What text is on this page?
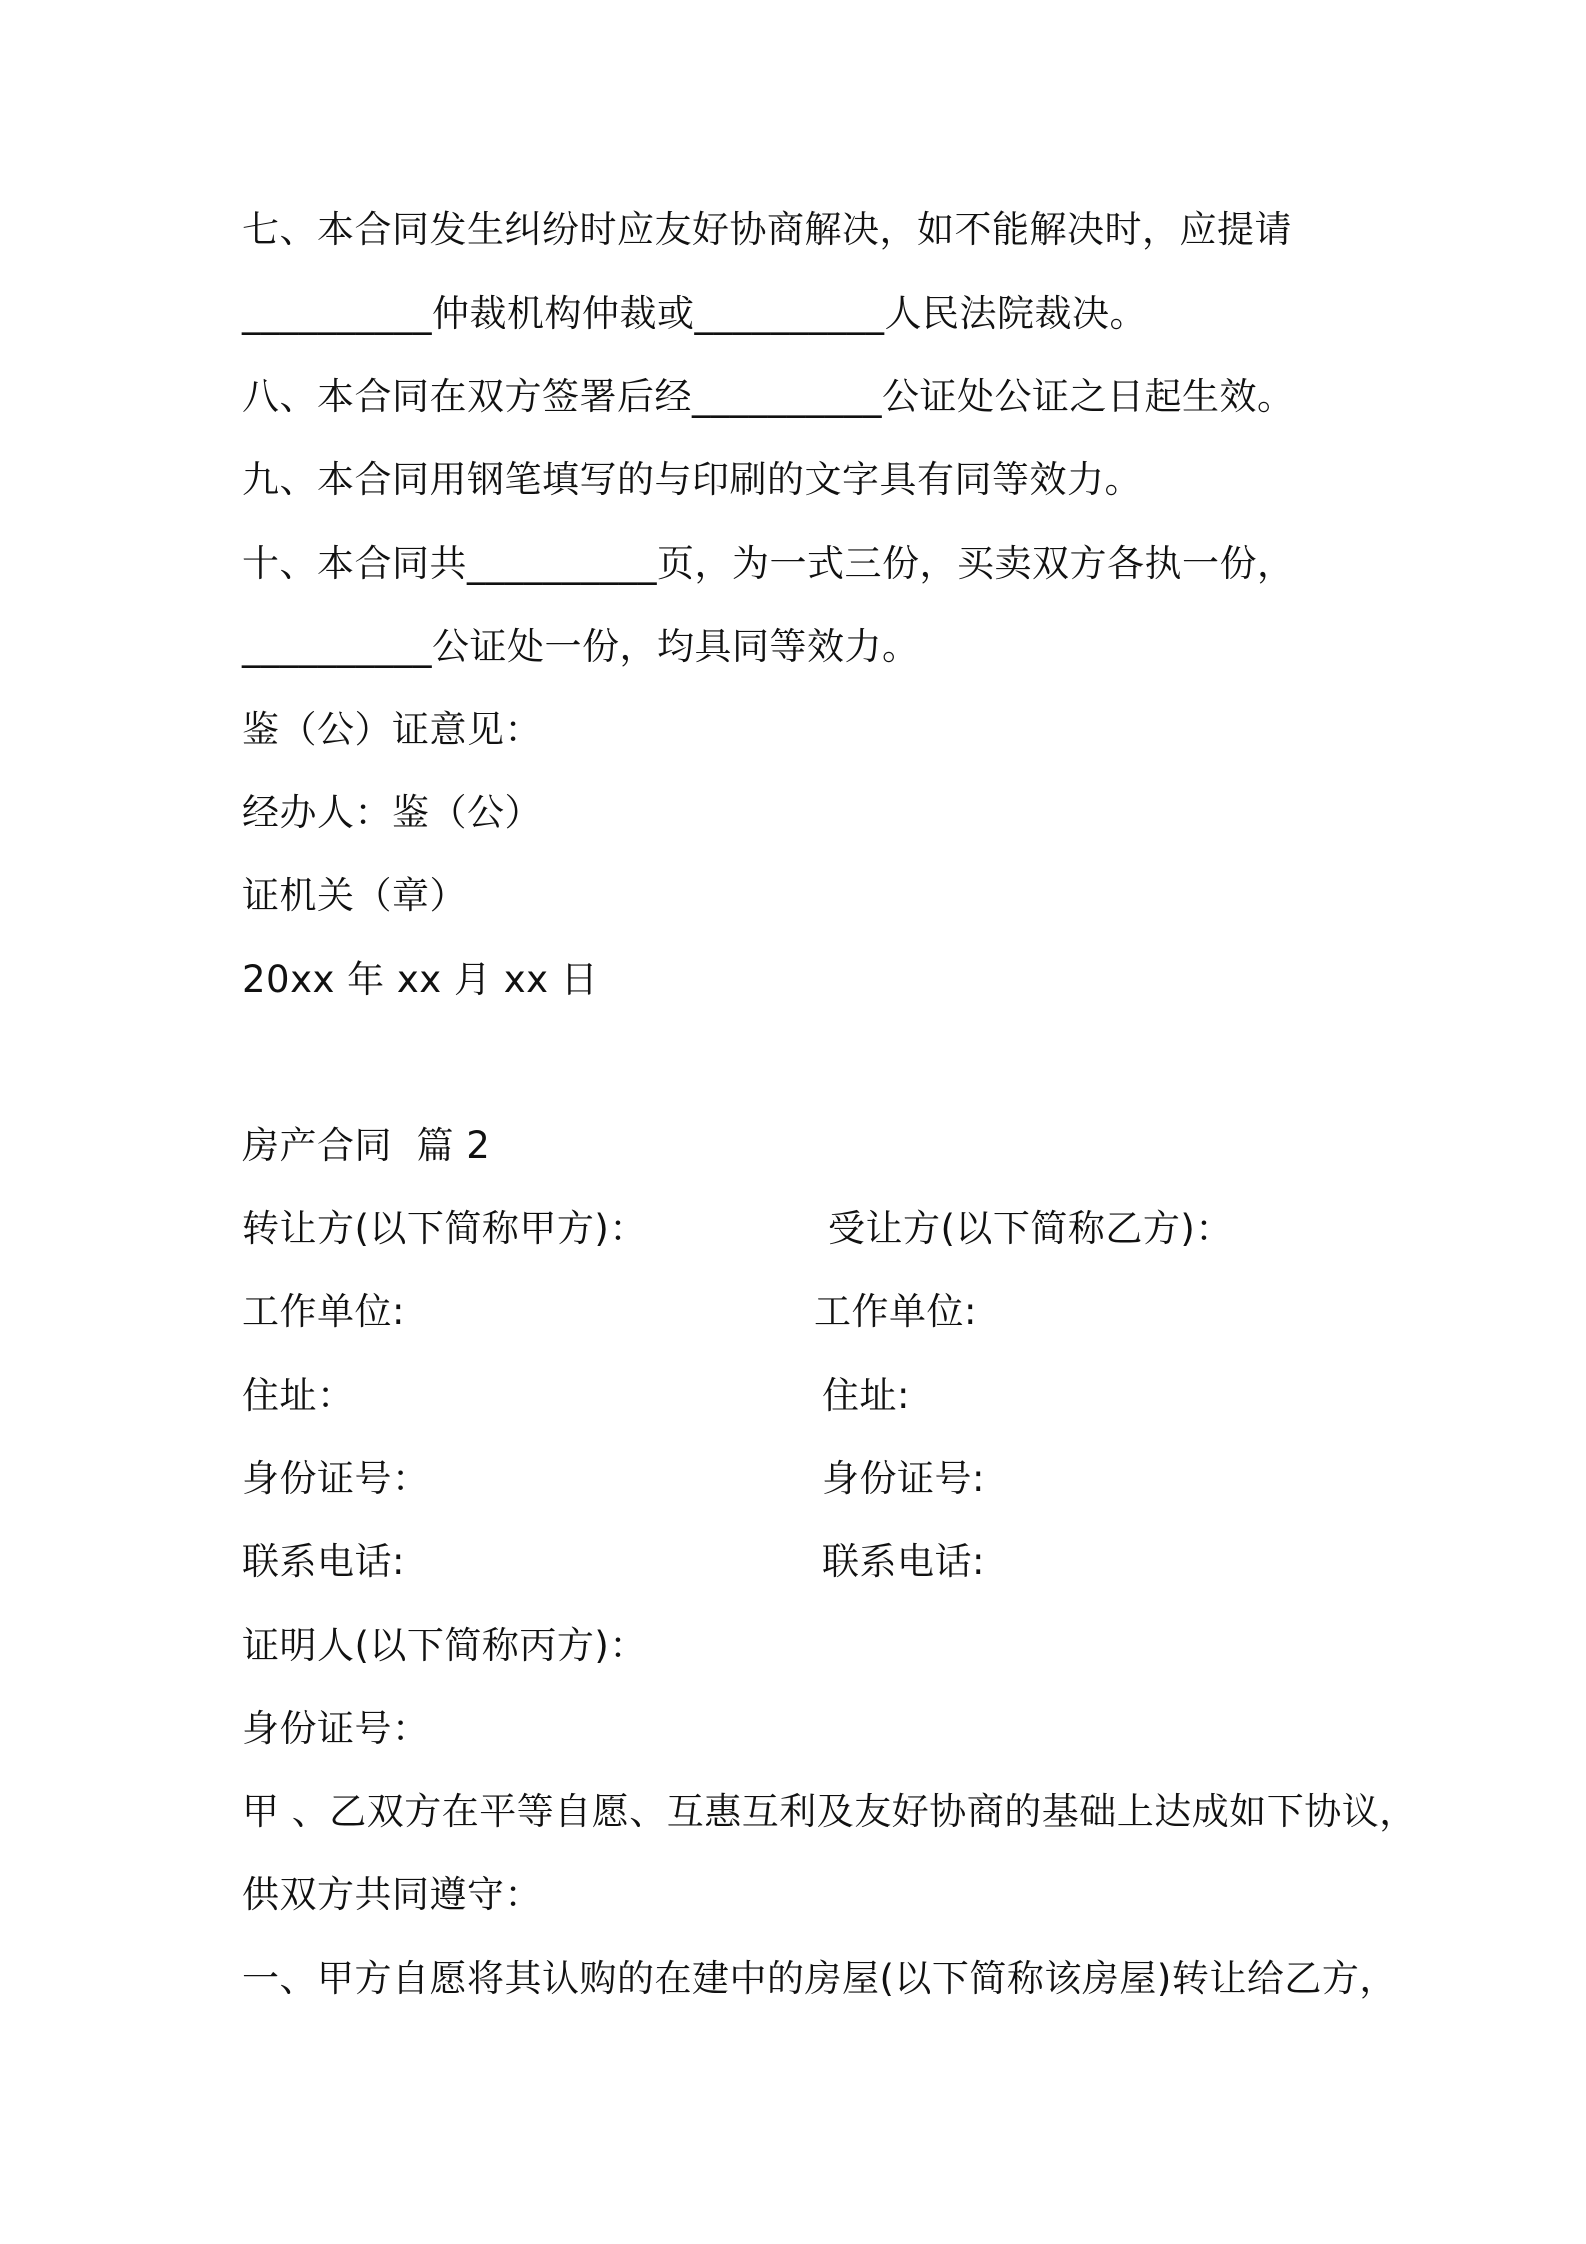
七、本合同发生纠纷时应友好协商解决，如不能解决时，应提请
__________仲裁机构仲裁或__________人民法院裁决。
八、本合同在双方签署后经__________公证处公证之日起生效。
九、本合同用钢笔填写的与印刷的文字具有同等效力。
十、本合同共__________页，为一式三份，买卖双方各执一份，
__________公证处一份，均具同等效力。
鉴（公）证意见：
经办人：鉴（公）
证机关（章）
20xx 年 xx 月 xx 日
房产合同  篇 2
转让方(以下简称甲方)：	受让方(以下简称乙方)：
工作单位:	工作单位:
住址：	住址:
身份证号：	身份证号:
联系电话:	联系电话:
证明人(以下简称丙方)：
身份证号：
甲 、乙双方在平等自愿、互惠互利及友好协商的基础上达成如下协议，
供双方共同遵守：
一、甲方自愿将其认购的在建中的房屋(以下简称该房屋)转让给乙方，
